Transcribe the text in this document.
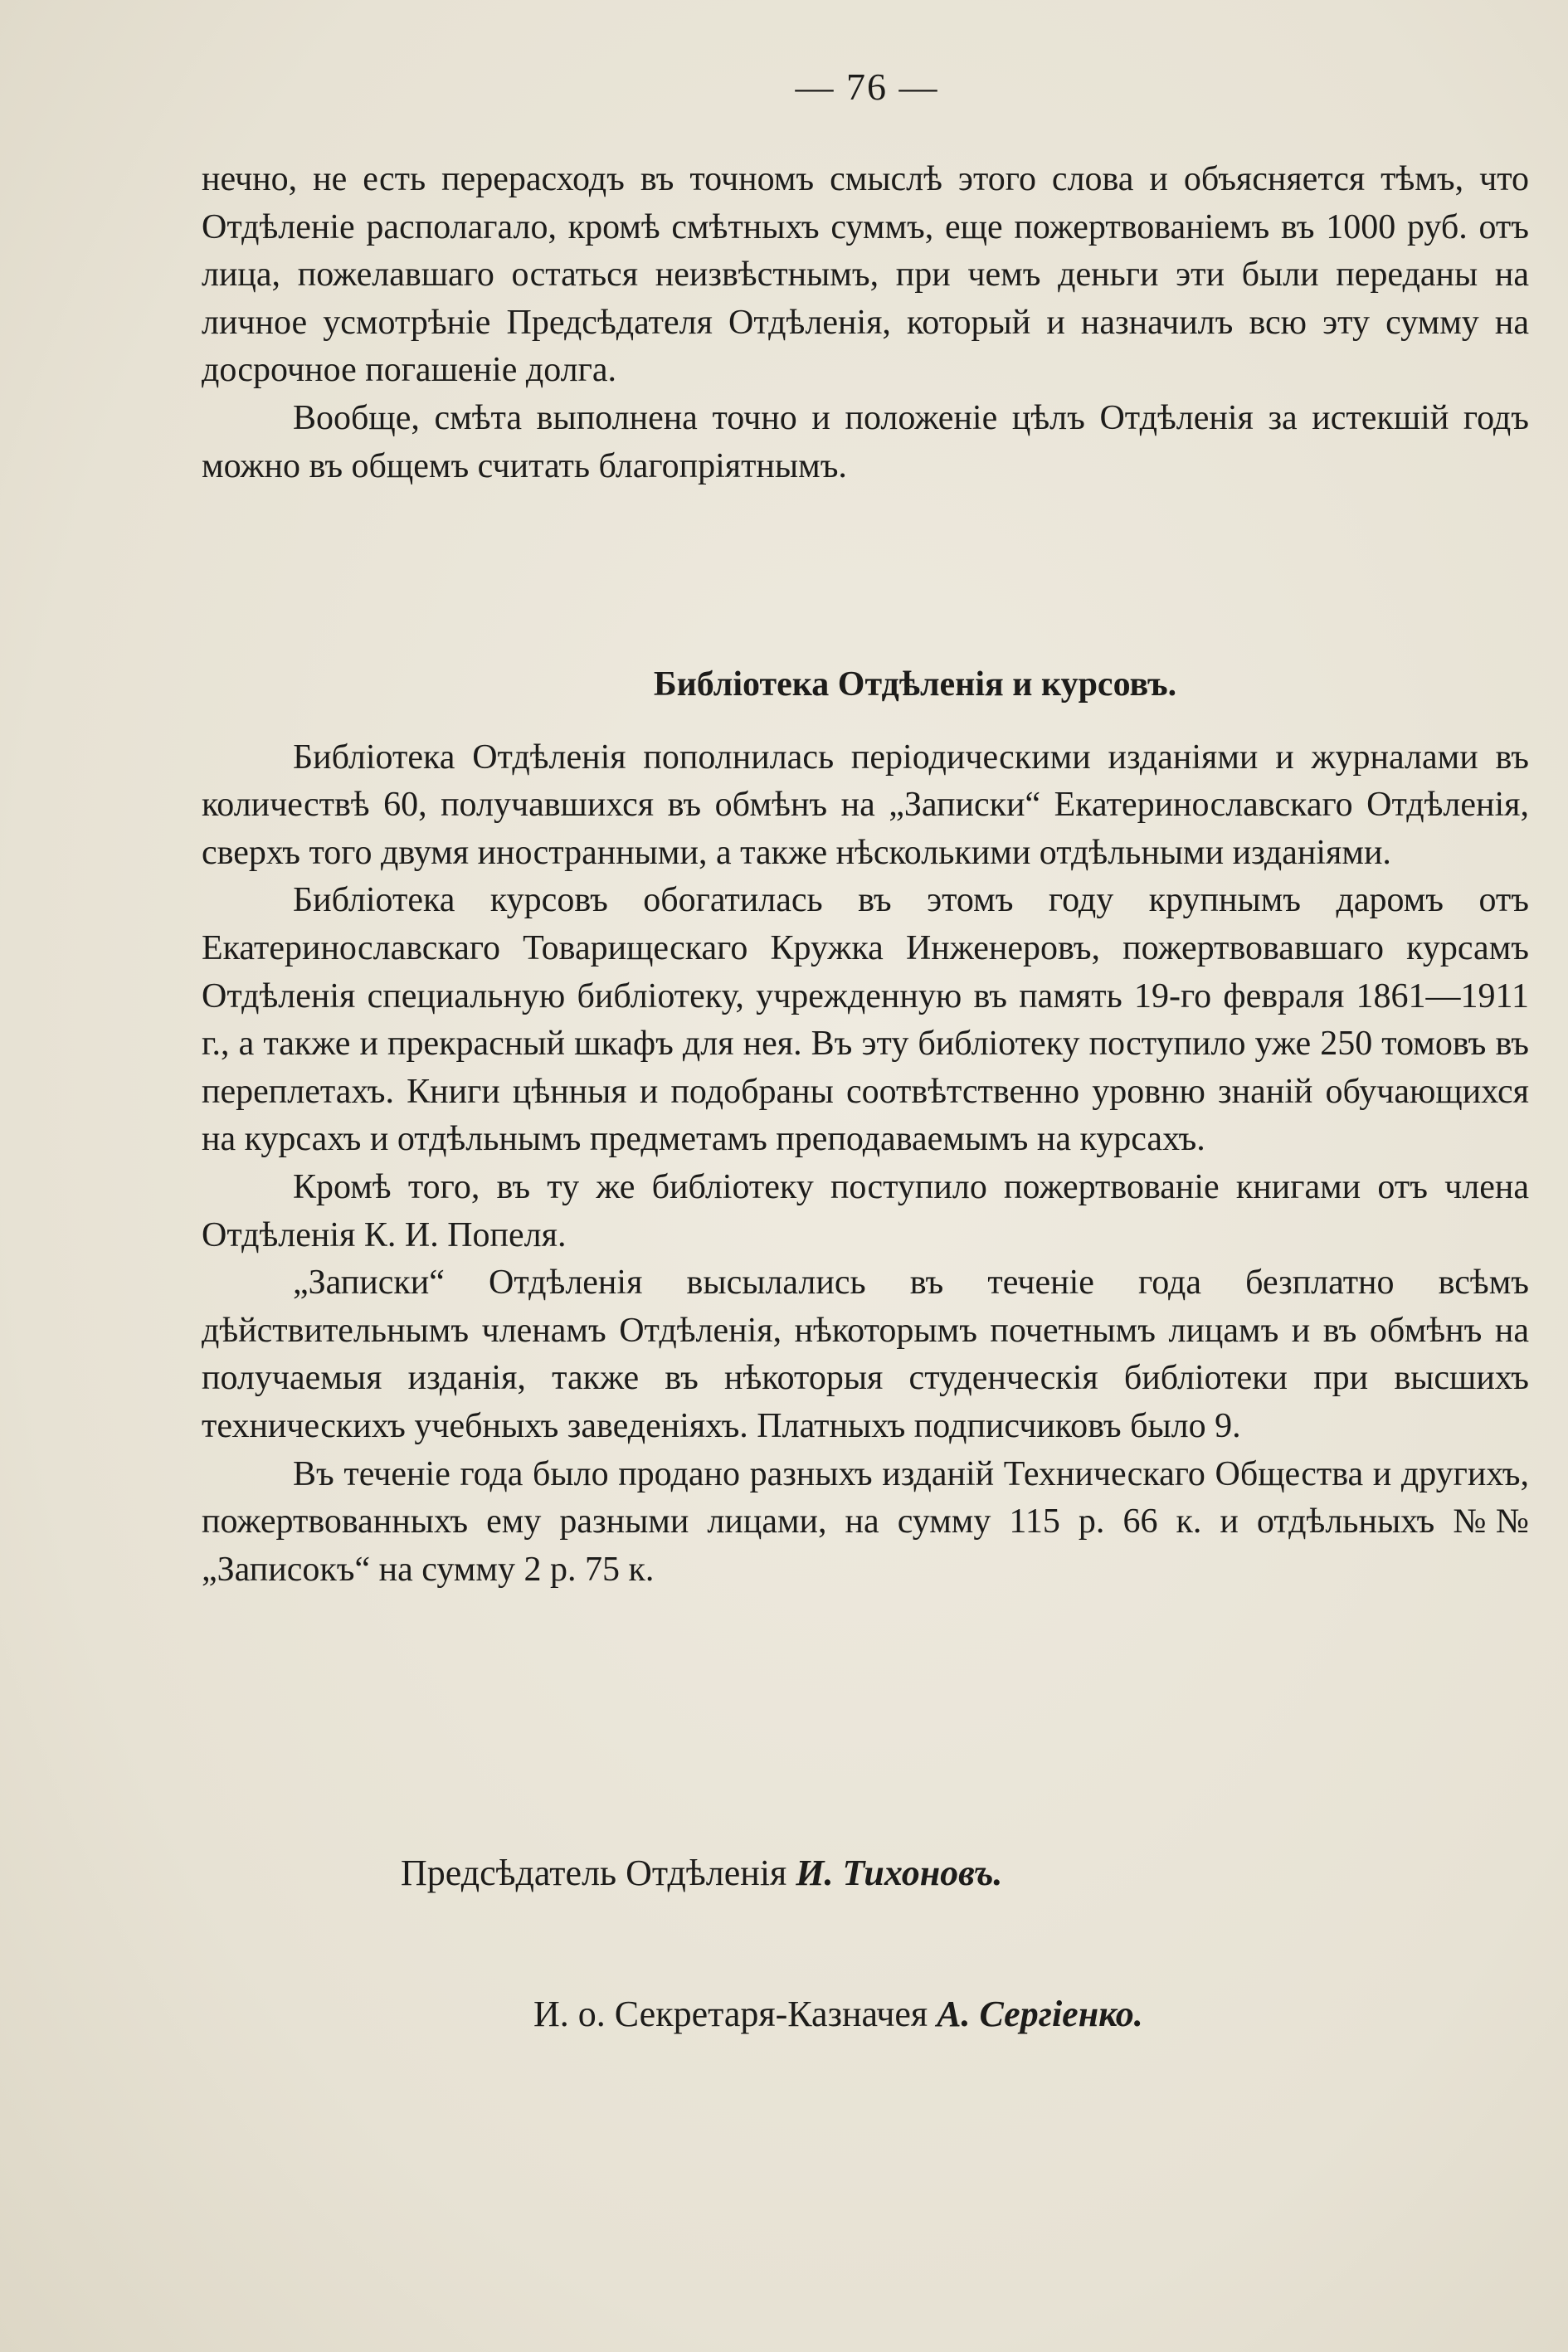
— 76 —

нечно, не есть перерасходъ въ точномъ смыслѣ этого слова и объясняется тѣмъ, что Отдѣленіе располагало, кромѣ смѣтныхъ суммъ, еще пожертвованіемъ въ 1000 руб. отъ лица, пожелавшаго остаться неизвѣстнымъ, при чемъ деньги эти были переданы на личное усмотрѣніе Предсѣдателя Отдѣленія, который и назначилъ всю эту сумму на досрочное погашеніе долга.

Вообще, смѣта выполнена точно и положеніе цѣлъ Отдѣленія за истекшій годъ можно въ общемъ считать благопріятнымъ.

Библіотека Отдѣленія и курсовъ.

Библіотека Отдѣленія пополнилась періодическими изданіями и журналами въ количествѣ 60, получавшихся въ обмѣнъ на „Записки“ Екатеринославскаго Отдѣленія, сверхъ того двумя иностранными, а также нѣсколькими отдѣльными изданіями.

Библіотека курсовъ обогатилась въ этомъ году крупнымъ даромъ отъ Екатеринославскаго Товарищескаго Кружка Инженеровъ, пожертвовавшаго курсамъ Отдѣленія специальную библіотеку, учрежденную въ память 19-го февраля 1861—1911 г., а также и прекрасный шкафъ для нея. Въ эту библіотеку поступило уже 250 томовъ въ переплетахъ. Книги цѣнныя и подобраны соотвѣтственно уровню знаній обучающихся на курсахъ и отдѣльнымъ предметамъ преподаваемымъ на курсахъ.

Кромѣ того, въ ту же библіотеку поступило пожертвованіе книгами отъ члена Отдѣленія К. И. Попеля.

„Записки“ Отдѣленія высылались въ теченіе года безплатно всѣмъ дѣйствительнымъ членамъ Отдѣленія, нѣкоторымъ почетнымъ лицамъ и въ обмѣнъ на получаемыя изданія, также въ нѣкоторыя студенческія библіотеки при высшихъ техническихъ учебныхъ заведеніяхъ. Платныхъ подписчиковъ было 9.

Въ теченіе года было продано разныхъ изданій Техническаго Общества и другихъ, пожертвованныхъ ему разными лицами, на сумму 115 р. 66 к. и отдѣльныхъ №№ „Записокъ“ на сумму 2 р. 75 к.

Предсѣдатель Отдѣленія И. Тихоновъ.
И. о. Секретаря-Казначея А. Сергіенко.
